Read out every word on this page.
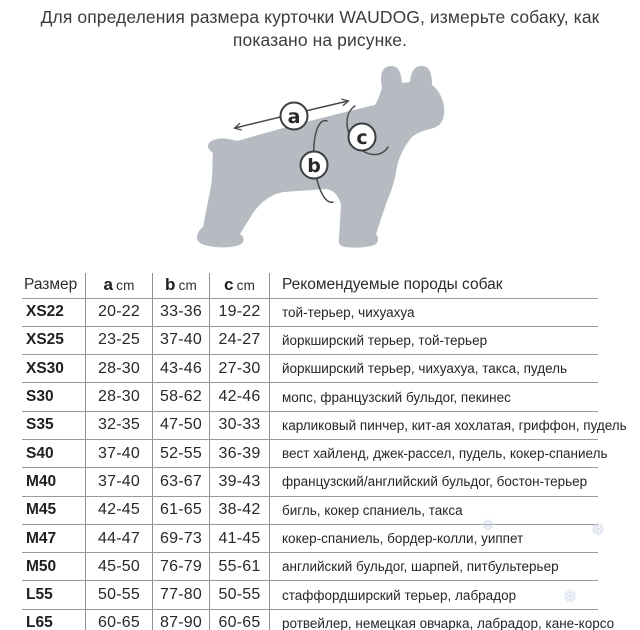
Для определения размера курточки WAUDOG, измерьте собаку, как
показано на рисунке.
a
b
c
Размер	a cm b cm c cm	Рекомендуемые породы собак
XS22	20-22	33-36	19-22	той-терьер, чихуахуа
XS25	23-25	37-40	24-27	йоркширский терьер, той-терьер
XS30	28-30	43-46	27-30	йоркширский терьер, чихуахуа, такса, пудель
S30	28-30	58-62	42-46	мопс, французский бульдог, пекинес
S35	32-35	47-50	30-33	карликовый пинчер, кит-ая хохлатая, гриффон, пудель
S40	37-40	52-55	36-39	вест хайленд, джек-рассел, пудель, кокер-спаниель
M40	37-40	63-67	39-43	французский/английский бульдог, бостон-терьер
M45	42-45	61-65	38-42	бигль, кокер спаниель, такса
M47	44-47	69-73	41-45	кокер-спаниель, бордер-колли, уиппет
M50	45-50	76-79	55-61	английский бульдог, шарпей, питбультерьер
L55	50-55	77-80	50-55	стаффордширский терьер, лабрадор
L65	60-65	87-90	60-65	ротвейлер, немецкая овчарка, лабрадор, кане-корсо
❅	❅
❅
